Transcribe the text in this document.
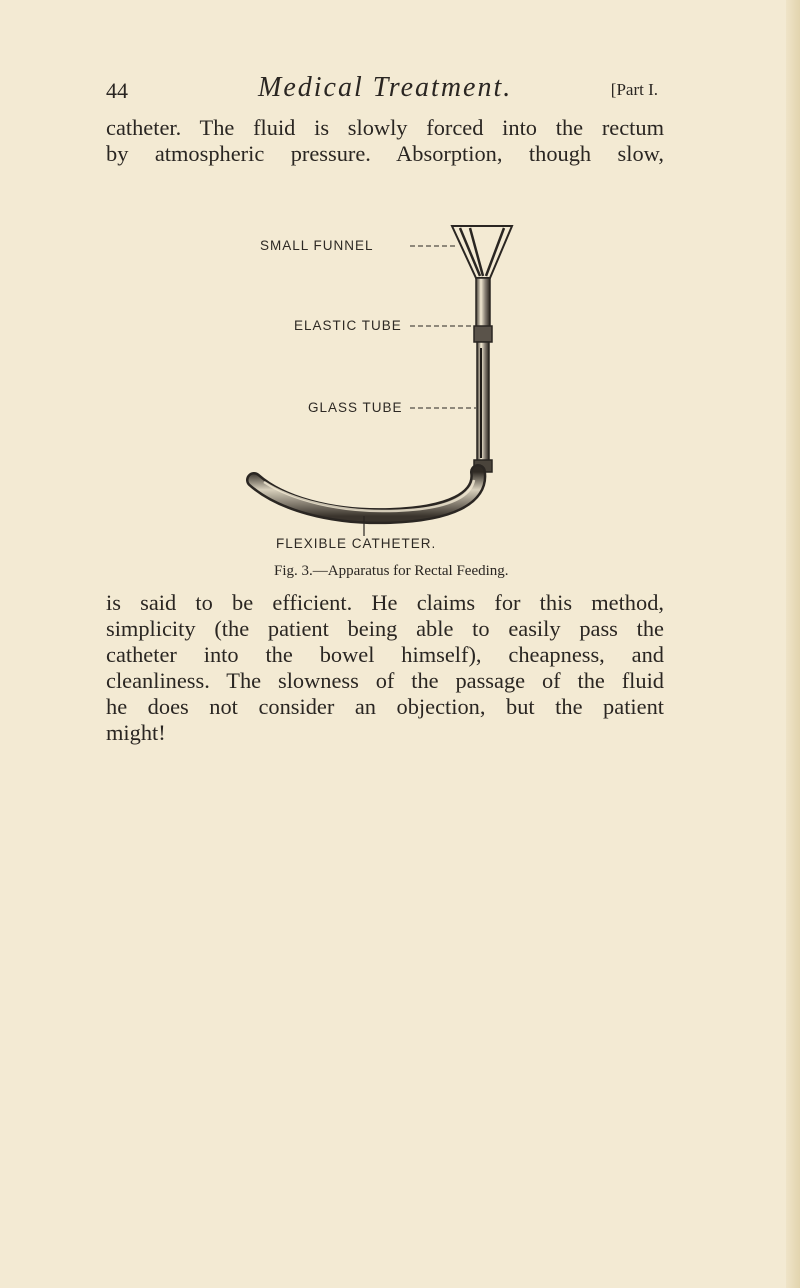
44	Medical Treatment.	[Part I.

catheter. The fluid is slowly forced into the rectum
by atmospheric pressure. Absorption, though slow,

SMALL FUNNEL
ELASTIC TUBE
GLASS TUBE
FLEXIBLE CATHETER.
Fig. 3.—Apparatus for Rectal Feeding.

is said to be efficient. He claims for this method,
simplicity (the patient being able to easily pass the
catheter into the bowel himself), cheapness, and
cleanliness. The slowness of the passage of the fluid
he does not consider an objection, but the patient
might!
